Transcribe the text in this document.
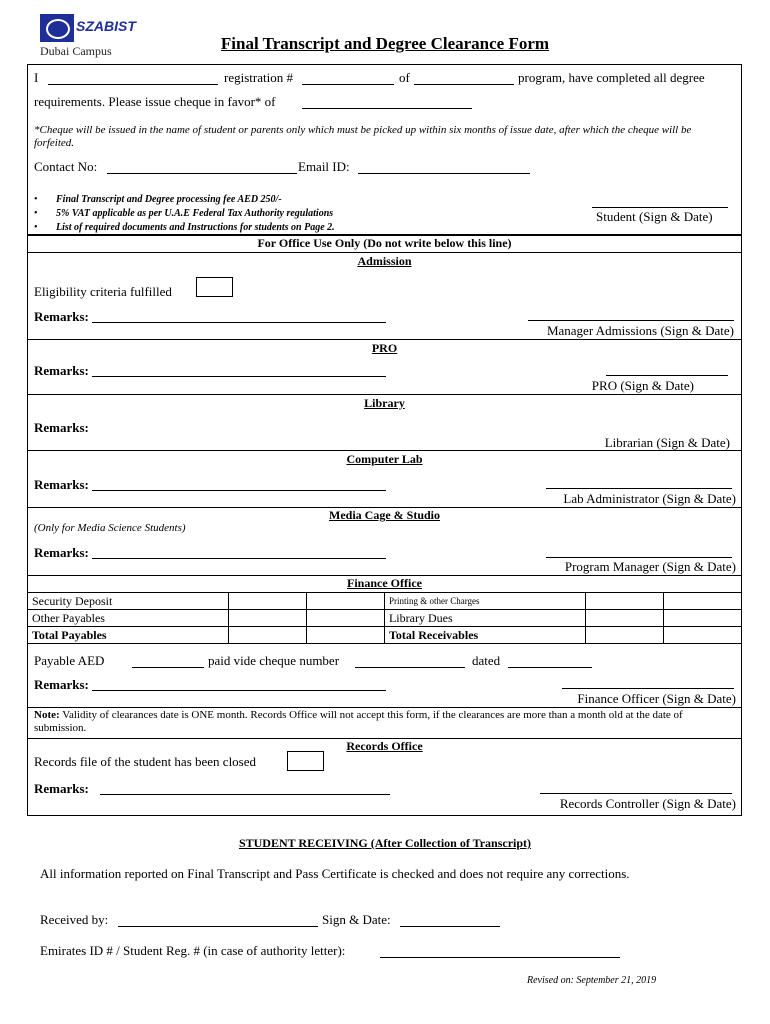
SZABIST
Dubai Campus	Final Transcript and Degree Clearance Form
I	registration #	of	program, have completed all degree
requirements. Please issue cheque in favor* of
*Cheque will be issued in the name of student or parents only which must be picked up within six months of issue date, after which the cheque will be forfeited.
Contact No:	Email ID:
• Final Transcript and Degree processing fee AED 250/-
• 5% VAT applicable as per U.A.E Federal Tax Authority regulations
• List of required documents and Instructions for students on Page 2.
Student (Sign & Date)
For Office Use Only (Do not write below this line)
Admission
Eligibility criteria fulfilled
Remarks:
Manager Admissions (Sign & Date)
PRO
Remarks:
PRO (Sign & Date)
Library
Remarks:
Librarian (Sign & Date)
Computer Lab
Remarks:
Lab Administrator (Sign & Date)
Media Cage & Studio
(Only for Media Science Students)
Remarks:
Program Manager (Sign & Date)
Finance Office
Security Deposit			Printing & other Charges		
Other Payables			Library Dues		
Total Payables			Total Receivables		
Payable AED	paid vide cheque number	dated
Remarks:
Finance Officer (Sign & Date)
Note: Validity of clearances date is ONE month. Records Office will not accept this form, if the clearances are more than a month old at the date of submission.
Records Office
Records file of the student has been closed
Remarks:
Records Controller (Sign & Date)
STUDENT RECEIVING (After Collection of Transcript)
All information reported on Final Transcript and Pass Certificate is checked and does not require any corrections.
Received by:	Sign & Date:
Emirates ID # / Student Reg. # (in case of authority letter):
Revised on: September 21, 2019
